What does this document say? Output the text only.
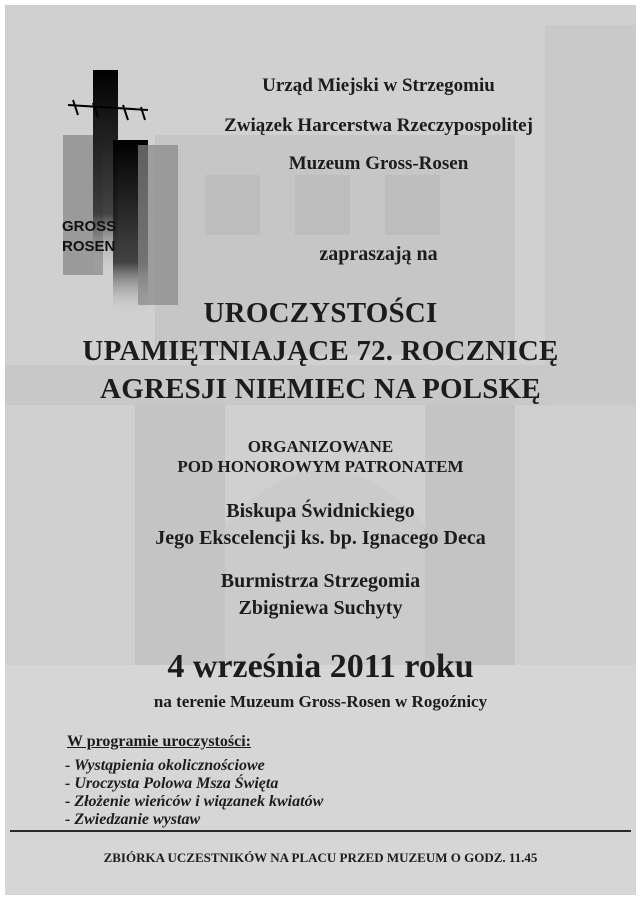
GROSS
ROSEN
Urząd Miejski w Strzegomiu
Związek Harcerstwa Rzeczypospolitej
Muzeum Gross-Rosen
zapraszają na
UROCZYSTOŚCI
UPAMIĘTNIAJĄCE 72. ROCZNICĘ
AGRESJI NIEMIEC NA POLSKĘ
ORGANIZOWANE
POD HONOROWYM PATRONATEM
Biskupa Świdnickiego
Jego Ekscelencji ks. bp. Ignacego Deca
Burmistrza Strzegomia
Zbigniewa Suchyty
4 września 2011 roku
na terenie Muzeum Gross-Rosen w Rogoźnicy
W programie uroczystości:
- Wystąpienia okolicznościowe
- Uroczysta Polowa Msza Święta
- Złożenie wieńców i wiązanek kwiatów
- Zwiedzanie wystaw
ZBIÓRKA UCZESTNIKÓW NA PLACU PRZED MUZEUM O GODZ. 11.45
